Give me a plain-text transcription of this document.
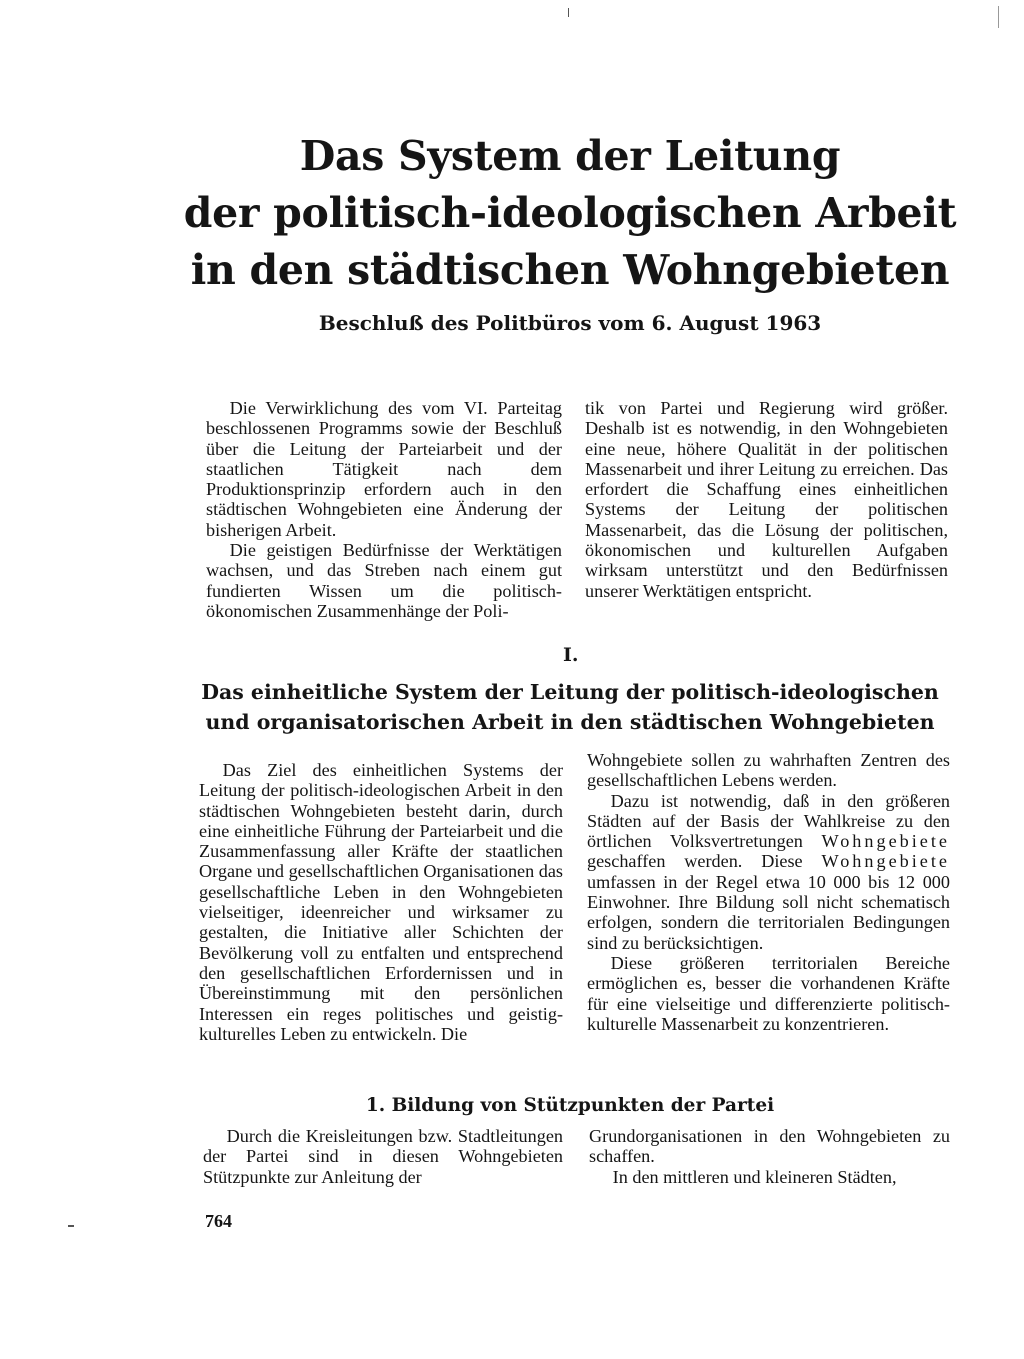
Das System der Leitung
der politisch-ideologischen Arbeit
in den städtischen Wohngebieten
Beschluß des Politbüros vom 6. August 1963

Die Verwirklichung des vom VI. Parteitag beschlossenen Programms sowie der Beschluß über die Leitung der Parteiarbeit und der staatlichen Tätigkeit nach dem Produktionsprinzip erfordern auch in den städtischen Wohngebieten eine Änderung der bisherigen Arbeit.

Die geistigen Bedürfnisse der Werktätigen wachsen, und das Streben nach einem gut fundierten Wissen um die politisch-ökonomischen Zusammenhänge der Poli-

tik von Partei und Regierung wird größer. Deshalb ist es notwendig, in den Wohngebieten eine neue, höhere Qualität in der politischen Massenarbeit und ihrer Leitung zu erreichen. Das erfordert die Schaffung eines einheitlichen Systems der Leitung der politischen Massenarbeit, das die Lösung der politischen, ökonomischen und kulturellen Aufgaben wirksam unterstützt und den Bedürfnissen unserer Werktätigen entspricht.

I.
Das einheitliche System der Leitung der politisch-ideologischen
und organisatorischen Arbeit in den städtischen Wohngebieten

Das Ziel des einheitlichen Systems der Leitung der politisch-ideologischen Arbeit in den städtischen Wohngebieten besteht darin, durch eine einheitliche Führung der Parteiarbeit und die Zusammenfassung aller Kräfte der staatlichen Organe und gesellschaftlichen Organisationen das gesellschaftliche Leben in den Wohngebieten vielseitiger, ideenreicher und wirksamer zu gestalten, die Initiative aller Schichten der Bevölkerung voll zu entfalten und entsprechend den gesellschaftlichen Erfordernissen und in Übereinstimmung mit den persönlichen Interessen ein reges politisches und geistig-kulturelles Leben zu entwickeln. Die

Wohngebiete sollen zu wahrhaften Zentren des gesellschaftlichen Lebens werden.

Dazu ist notwendig, daß in den größeren Städten auf der Basis der Wahlkreise zu den örtlichen Volksvertretungen Wohngebiete geschaffen werden. Diese Wohngebiete umfassen in der Regel etwa 10 000 bis 12 000 Einwohner. Ihre Bildung soll nicht schematisch erfolgen, sondern die territorialen Bedingungen sind zu berücksichtigen.

Diese größeren territorialen Bereiche ermöglichen es, besser die vorhandenen Kräfte für eine vielseitige und differenzierte politisch-kulturelle Massenarbeit zu konzentrieren.

1. Bildung von Stützpunkten der Partei

Durch die Kreisleitungen bzw. Stadtleitungen der Partei sind in diesen Wohngebieten Stützpunkte zur Anleitung der

Grundorganisationen in den Wohngebieten zu schaffen.

In den mittleren und kleineren Städten,

764
